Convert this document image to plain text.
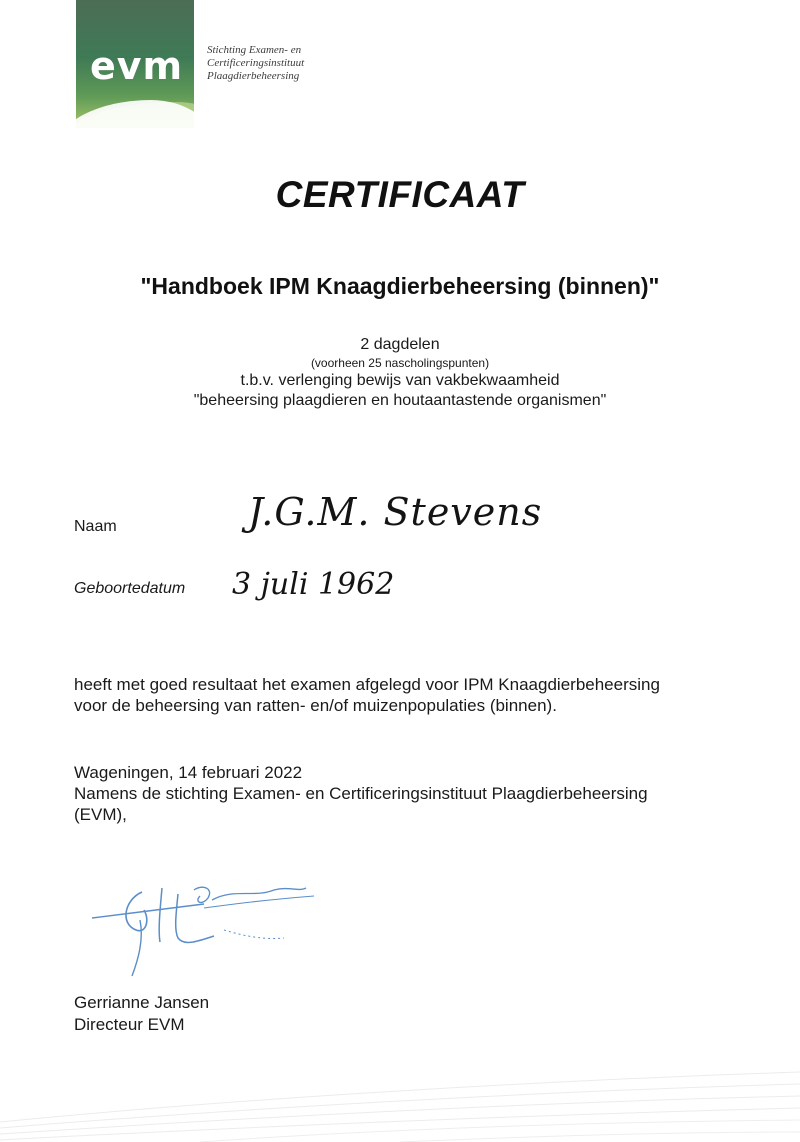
evm Stichting Examen- en
Certificeringsinstituut
Plaagdierbeheersing
CERTIFICAAT
"Handboek IPM Knaagdierbeheersing (binnen)"
2 dagdelen
(voorheen 25 nascholingspunten)
t.b.v. verlenging bewijs van vakbekwaamheid
"beheersing plaagdieren en houtaantastende organismen"
Naam	J.G.M. Stevens
Geboortedatum 3 juli 1962
heeft met goed resultaat het examen afgelegd voor IPM Knaagdierbeheersing
voor de beheersing van ratten- en/of muizenpopulaties (binnen).
Wageningen, 14 februari 2022
Namens de stichting Examen- en Certificeringsinstituut Plaagdierbeheersing
(EVM),
Gerrianne Jansen
Directeur EVM
